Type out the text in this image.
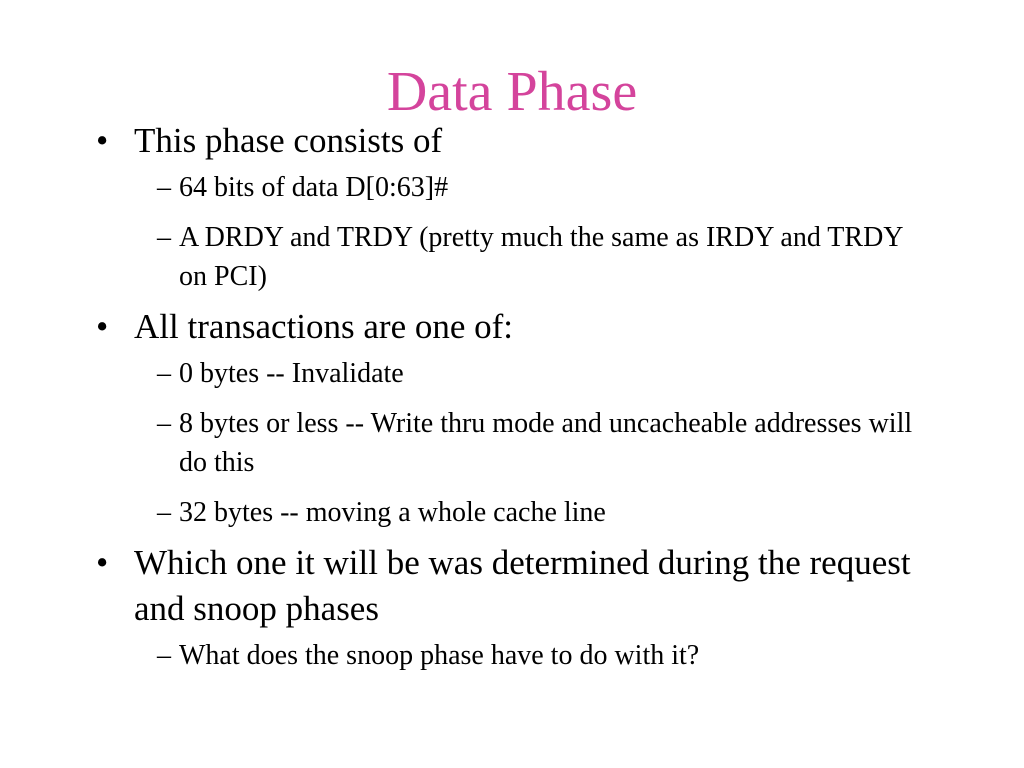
Data Phase
• This phase consists of
– 64 bits of data D[0:63]#
– A DRDY and TRDY (pretty much the same as IRDY and TRDY on PCI)
• All transactions are one of:
– 0 bytes -- Invalidate
– 8 bytes or less -- Write thru mode and uncacheable addresses will do this
– 32 bytes -- moving a whole cache line
• Which one it will be was determined during the request and snoop phases
– What does the snoop phase have to do with it?
